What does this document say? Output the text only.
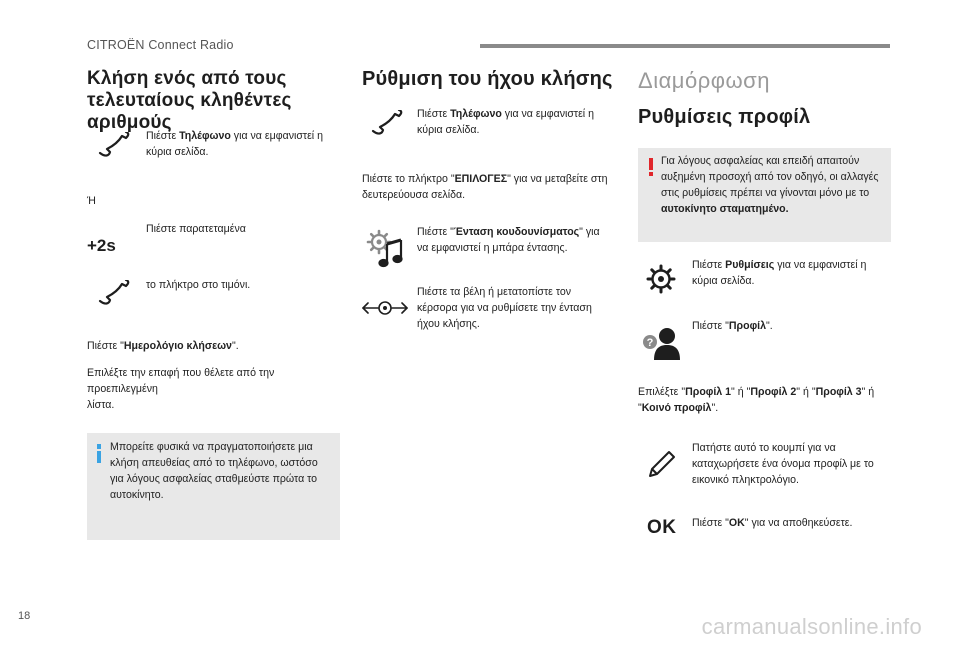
CITROËN Connect Radio
Κλήση ενός από τους
τελευταίους κληθέντες αριθμούς
Πιέστε Τηλέφωνο για να εμφανιστεί η
κύρια σελίδα.
Ή
+2s
Πιέστε παρατεταμένα
το πλήκτρο στο τιμόνι.
Πιέστε "Ημερολόγιο κλήσεων".
Επιλέξτε την επαφή που θέλετε από την προεπιλεγμένη
λίστα.
Μπορείτε φυσικά να πραγματοποιήσετε μια
κλήση απευθείας από το τηλέφωνο, ωστόσο
για λόγους ασφαλείας σταθμεύστε πρώτα το
αυτοκίνητο.
Ρύθμιση του ήχου κλήσης
Πιέστε Τηλέφωνο για να εμφανιστεί η
κύρια σελίδα.
Πιέστε το πλήκτρο "ΕΠΙΛΟΓΕΣ" για να μεταβείτε στη
δευτερεύουσα σελίδα.
Πιέστε "Ένταση κουδουνίσματος" για
να εμφανιστεί η μπάρα έντασης.
Πιέστε τα βέλη ή μετατοπίστε τον
κέρσορα για να ρυθμίσετε την ένταση
ήχου κλήσης.
Διαμόρφωση
Ρυθμίσεις προφίλ
Για λόγους ασφαλείας και επειδή απαιτούν
αυξημένη προσοχή από τον οδηγό, οι αλλαγές
στις ρυθμίσεις πρέπει να γίνονται μόνο με το
αυτοκίνητο σταματημένο.
Πιέστε Ρυθμίσεις για να εμφανιστεί η
κύρια σελίδα.
?
Πιέστε "Προφίλ".
Επιλέξτε "Προφίλ 1" ή "Προφίλ 2" ή "Προφίλ 3" ή
"Κοινό προφίλ".
Πατήστε αυτό το κουμπί για να
καταχωρήσετε ένα όνομα προφίλ με το
εικονικό πληκτρολόγιο.
OK Πιέστε "OK" για να αποθηκεύσετε.
18	carmanualsonline.info
